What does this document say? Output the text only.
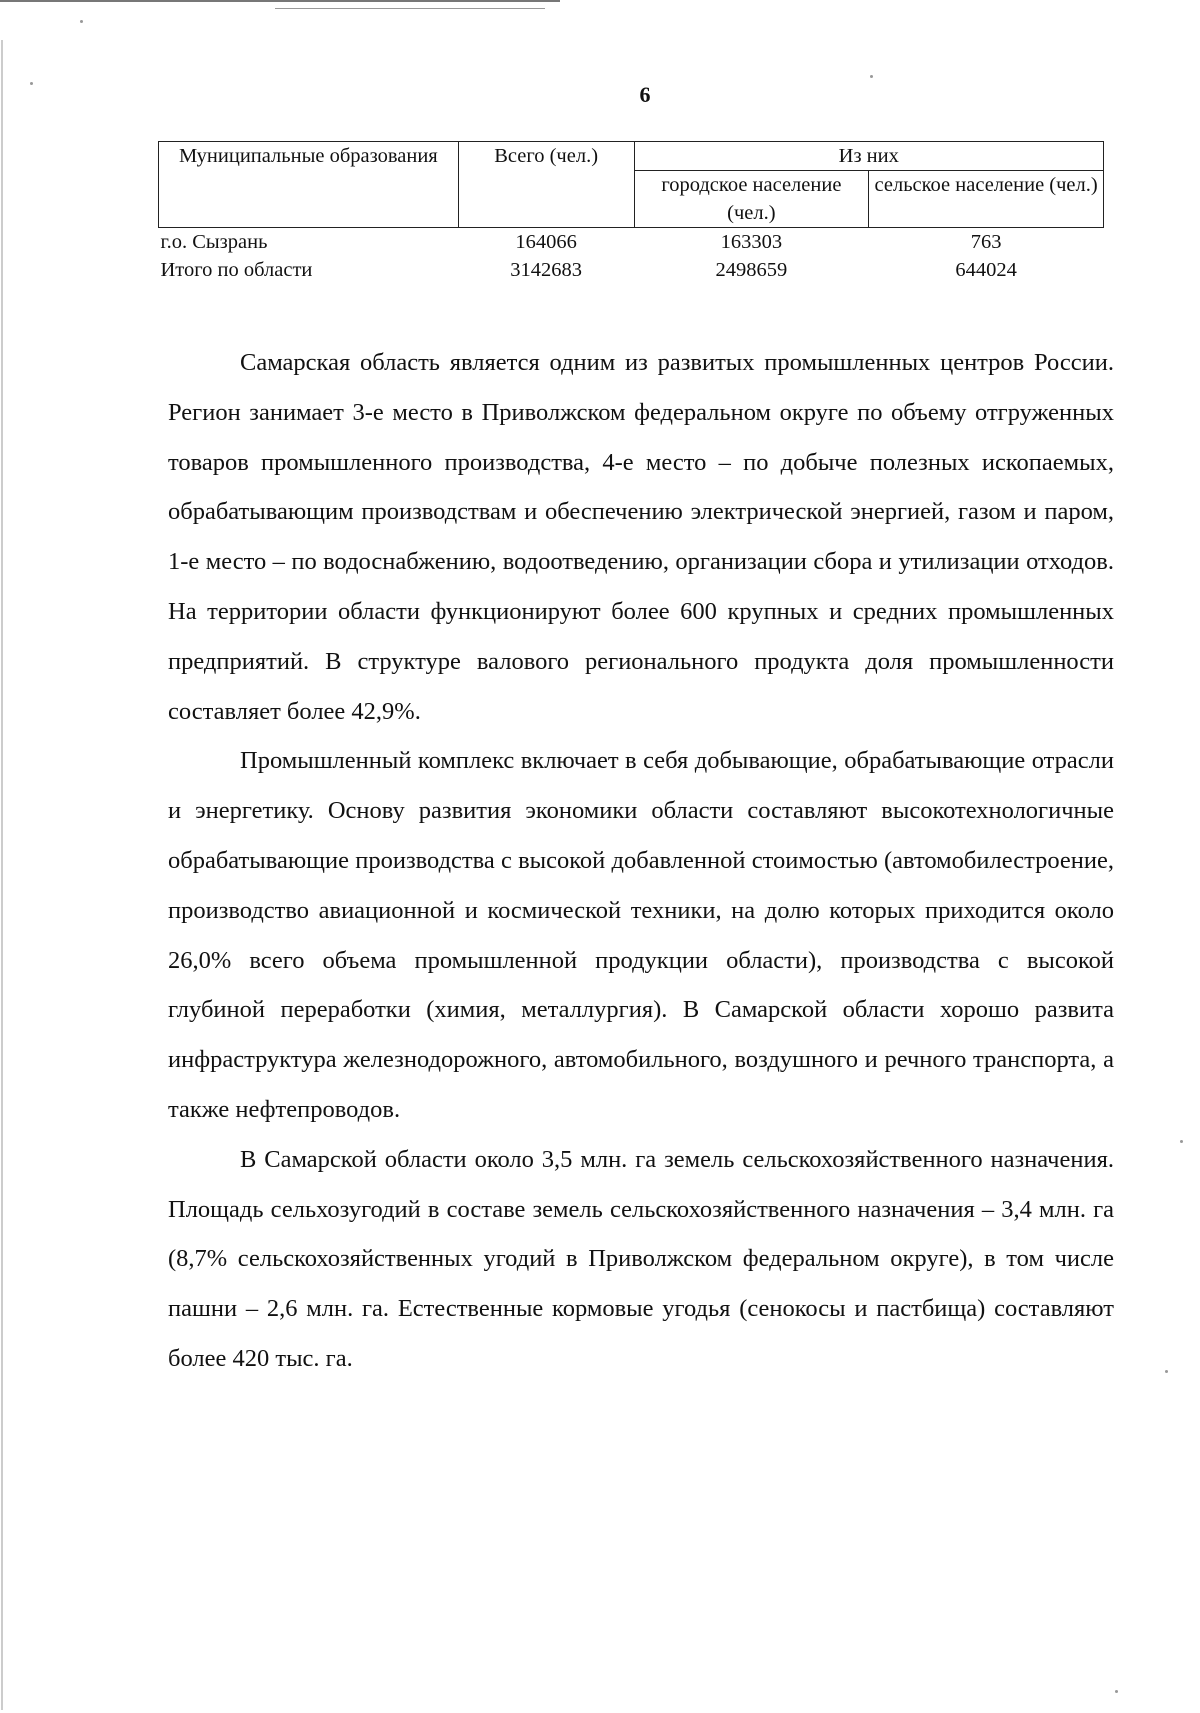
6
Муниципальные образования	Всего (чел.)	Из них	
		городское население (чел.)	сельское население (чел.)
г.о. Сызрань	164066	163303	763
Итого по области	3142683	2498659	644024

Самарская область является одним из развитых промышленных центров России. Регион занимает 3-е место в Приволжском федеральном округе по объему отгруженных товаров промышленного производства, 4-е место – по добыче полезных ископаемых, обрабатывающим производствам и обеспечению электрической энергией, газом и паром, 1-е место – по водоснабжению, водоотведению, организации сбора и утилизации отходов. На территории области функционируют более 600 крупных и средних промышленных предприятий. В структуре валового регионального продукта доля промышленности составляет более 42,9%.

Промышленный комплекс включает в себя добывающие, обрабатывающие отрасли и энергетику. Основу развития экономики области составляют высокотехнологичные обрабатывающие производства с высокой добавленной стоимостью (автомобилестроение, производство авиационной и космической техники, на долю которых приходится около 26,0% всего объема промышленной продукции области), производства с высокой глубиной переработки (химия, металлургия). В Самарской области хорошо развита инфраструктура железнодорожного, автомобильного, воздушного и речного транспорта, а также нефтепроводов.

В Самарской области около 3,5 млн. га земель сельскохозяйственного назначения. Площадь сельхозугодий в составе земель сельскохозяйственного назначения – 3,4 млн. га (8,7% сельскохозяйственных угодий в Приволжском федеральном округе), в том числе пашни – 2,6 млн. га. Естественные кормовые угодья (сенокосы и пастбища) составляют более 420 тыс. га.
